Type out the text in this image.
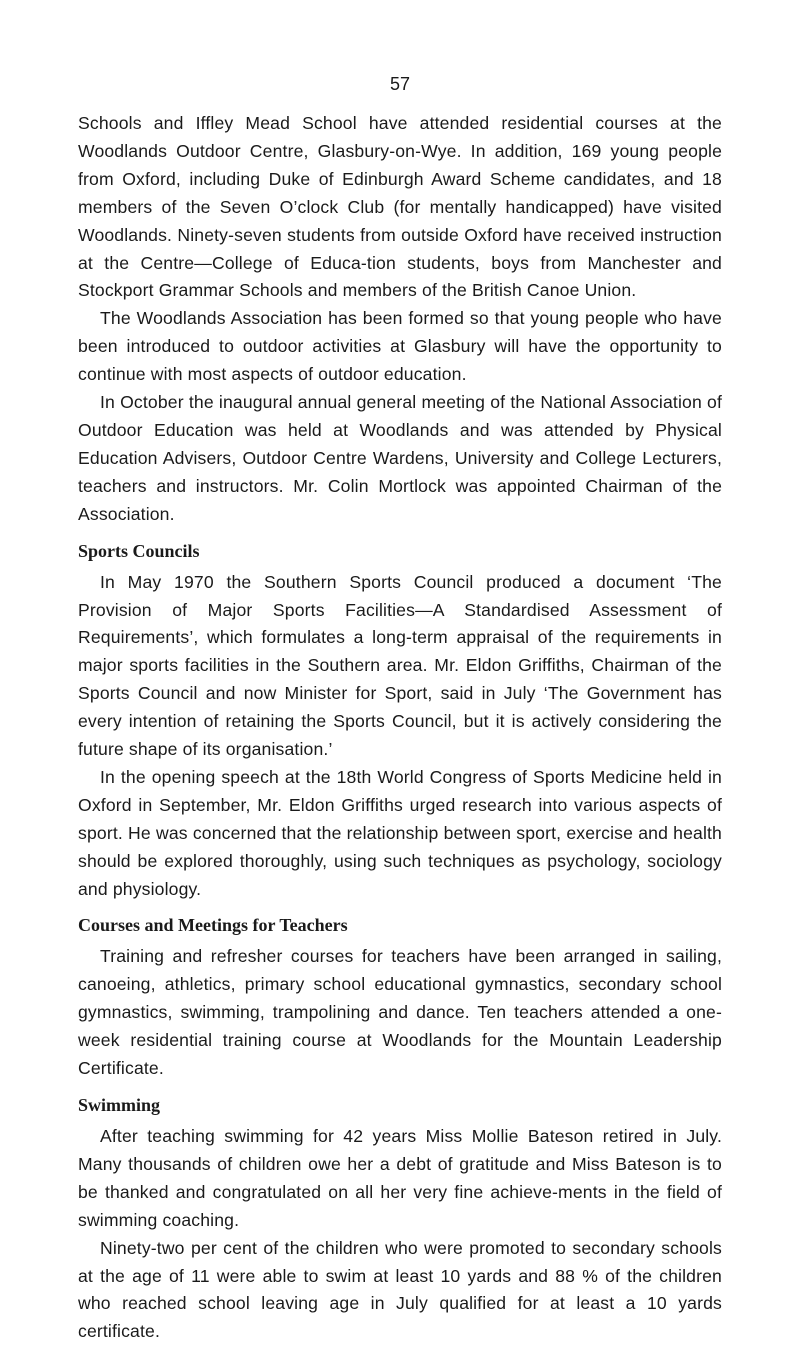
57

Schools and Iffley Mead School have attended residential courses at the Woodlands Outdoor Centre, Glasbury-on-Wye. In addition, 169 young people from Oxford, including Duke of Edinburgh Award Scheme candidates, and 18 members of the Seven O’clock Club (for mentally handicapped) have visited Woodlands. Ninety-seven students from outside Oxford have received instruction at the Centre—College of Educa-tion students, boys from Manchester and Stockport Grammar Schools and members of the British Canoe Union.

The Woodlands Association has been formed so that young people who have been introduced to outdoor activities at Glasbury will have the opportunity to continue with most aspects of outdoor education.

In October the inaugural annual general meeting of the National Association of Outdoor Education was held at Woodlands and was attended by Physical Education Advisers, Outdoor Centre Wardens, University and College Lecturers, teachers and instructors. Mr. Colin Mortlock was appointed Chairman of the Association.

Sports Councils

In May 1970 the Southern Sports Council produced a document ‘The Provision of Major Sports Facilities—A Standardised Assessment of Requirements’, which formulates a long-term appraisal of the requirements in major sports facilities in the Southern area. Mr. Eldon Griffiths, Chairman of the Sports Council and now Minister for Sport, said in July ‘The Government has every intention of retaining the Sports Council, but it is actively considering the future shape of its organisation.’

In the opening speech at the 18th World Congress of Sports Medicine held in Oxford in September, Mr. Eldon Griffiths urged research into various aspects of sport. He was concerned that the relationship between sport, exercise and health should be explored thoroughly, using such techniques as psychology, sociology and physiology.

Courses and Meetings for Teachers

Training and refresher courses for teachers have been arranged in sailing, canoeing, athletics, primary school educational gymnastics, secondary school gymnastics, swimming, trampolining and dance. Ten teachers attended a one-week residential training course at Woodlands for the Mountain Leadership Certificate.

Swimming

After teaching swimming for 42 years Miss Mollie Bateson retired in July. Many thousands of children owe her a debt of gratitude and Miss Bateson is to be thanked and congratulated on all her very fine achieve-ments in the field of swimming coaching.

Ninety-two per cent of the children who were promoted to secondary schools at the age of 11 were able to swim at least 10 yards and 88 % of the children who reached school leaving age in July qualified for at least a 10 yards certificate.
